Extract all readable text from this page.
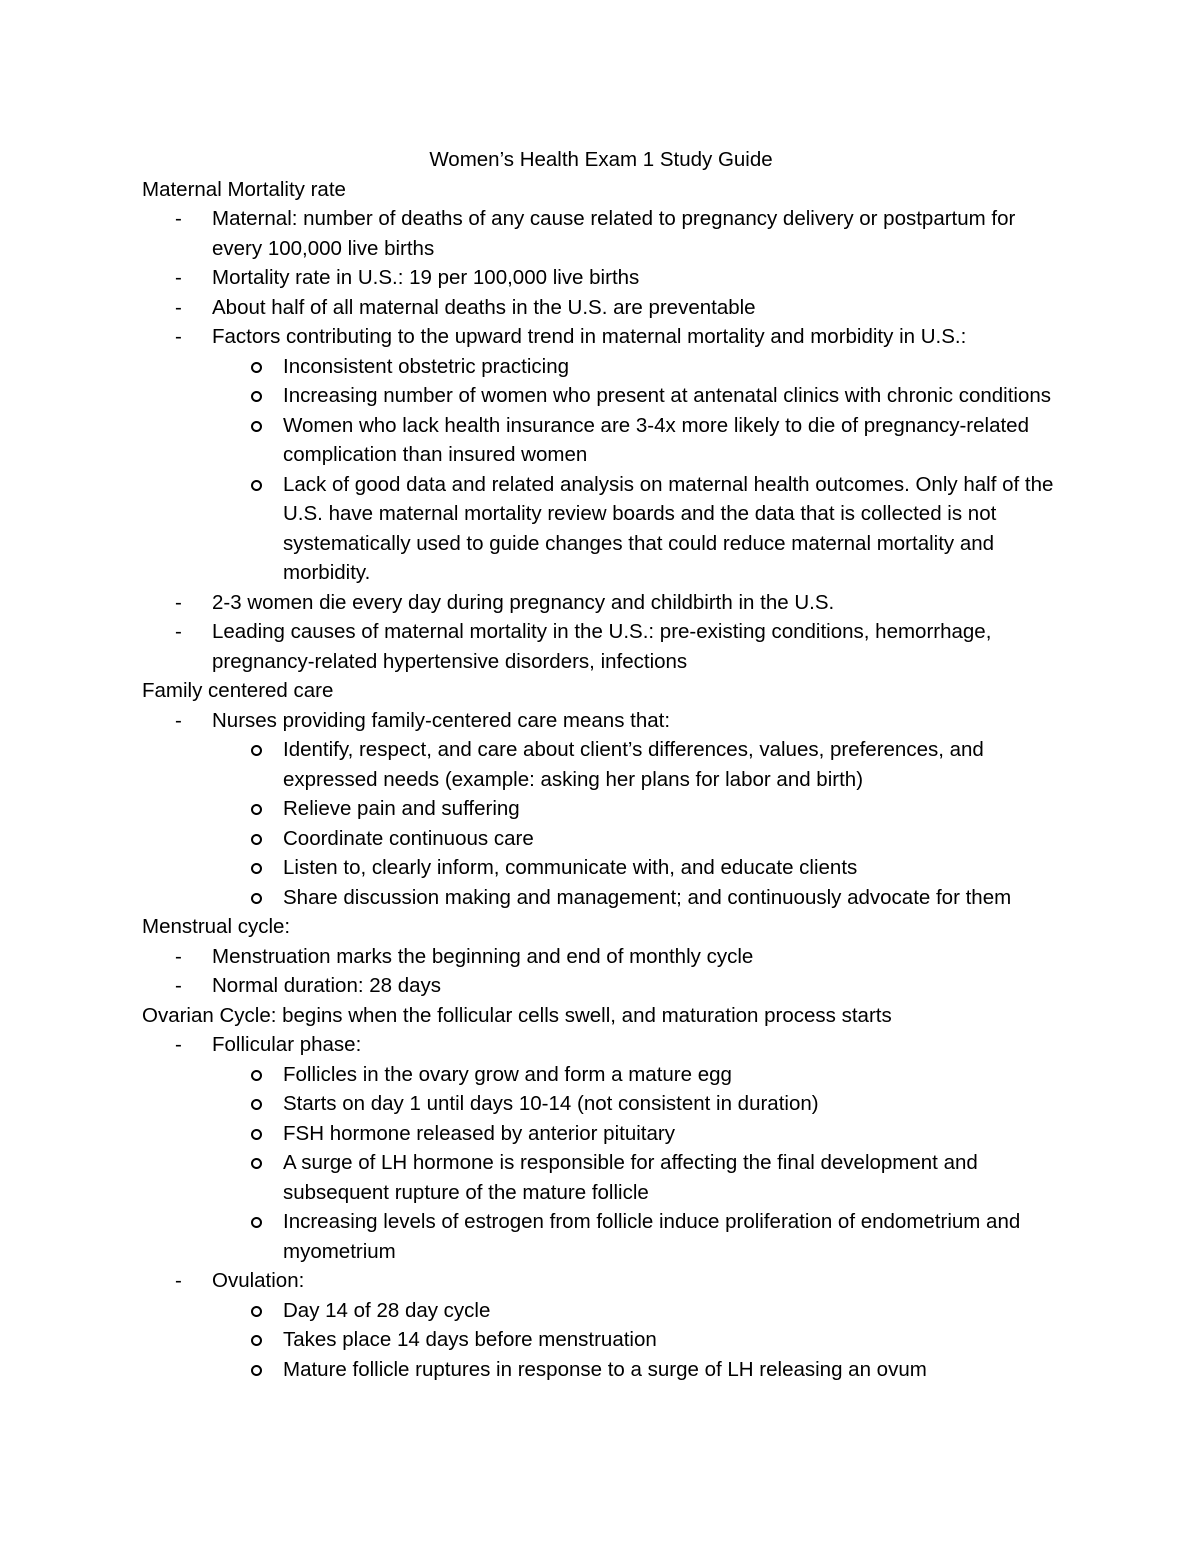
Women’s Health Exam 1 Study Guide

Maternal Mortality rate

- Maternal: number of deaths of any cause related to pregnancy delivery or postpartum for every 100,000 live births
- Mortality rate in U.S.: 19 per 100,000 live births
- About half of all maternal deaths in the U.S. are preventable
- Factors contributing to the upward trend in maternal mortality and morbidity in U.S.:
Inconsistent obstetric practicing
Increasing number of women who present at antenatal clinics with chronic conditions
Women who lack health insurance are 3-4x more likely to die of pregnancy-related complication than insured women
Lack of good data and related analysis on maternal health outcomes. Only half of the U.S. have maternal mortality review boards and the data that is collected is not systematically used to guide changes that could reduce maternal mortality and morbidity.
- 2-3 women die every day during pregnancy and childbirth in the U.S.
- Leading causes of maternal mortality in the U.S.: pre-existing conditions, hemorrhage, pregnancy-related hypertensive disorders, infections

Family centered care

- Nurses providing family-centered care means that:
Identify, respect, and care about client’s differences, values, preferences, and expressed needs (example: asking her plans for labor and birth)
Relieve pain and suffering
Coordinate continuous care
Listen to, clearly inform, communicate with, and educate clients
Share discussion making and management; and continuously advocate for them

Menstrual cycle:

- Menstruation marks the beginning and end of monthly cycle
- Normal duration: 28 days

Ovarian Cycle: begins when the follicular cells swell, and maturation process starts

- Follicular phase:
Follicles in the ovary grow and form a mature egg
Starts on day 1 until days 10-14 (not consistent in duration)
FSH hormone released by anterior pituitary
A surge of LH hormone is responsible for affecting the final development and subsequent rupture of the mature follicle
Increasing levels of estrogen from follicle induce proliferation of endometrium and myometrium
- Ovulation:
Day 14 of 28 day cycle
Takes place 14 days before menstruation
Mature follicle ruptures in response to a surge of LH releasing an ovum
